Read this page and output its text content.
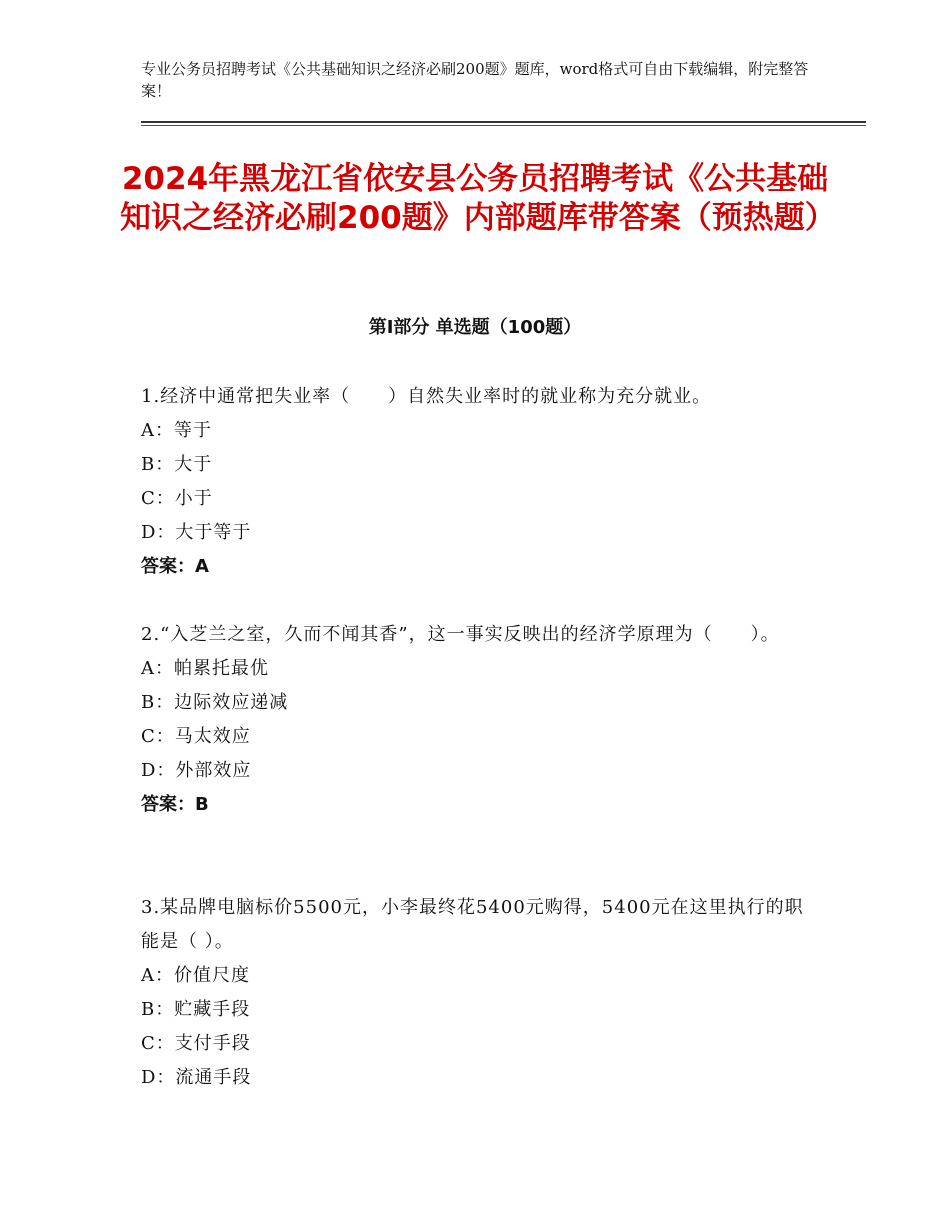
专业公务员招聘考试《公共基础知识之经济必刷200题》题库，word格式可自由下载编辑，附完整答案！
2024年黑龙江省依安县公务员招聘考试《公共基础知识之经济必刷200题》内部题库带答案（预热题）
第Ⅰ部分 单选题（100题）
1.经济中通常把失业率（　　）自然失业率时的就业称为充分就业。
A：等于
B：大于
C：小于
D：大于等于
答案：A
2.“入芝兰之室，久而不闻其香”，这一事实反映出的经济学原理为（　　）。
A：帕累托最优
B：边际效应递减
C：马太效应
D：外部效应
答案：B
3.某品牌电脑标价5500元，小李最终花5400元购得，5400元在这里执行的职能是（ ）。
A：价值尺度
B：贮藏手段
C：支付手段
D：流通手段
